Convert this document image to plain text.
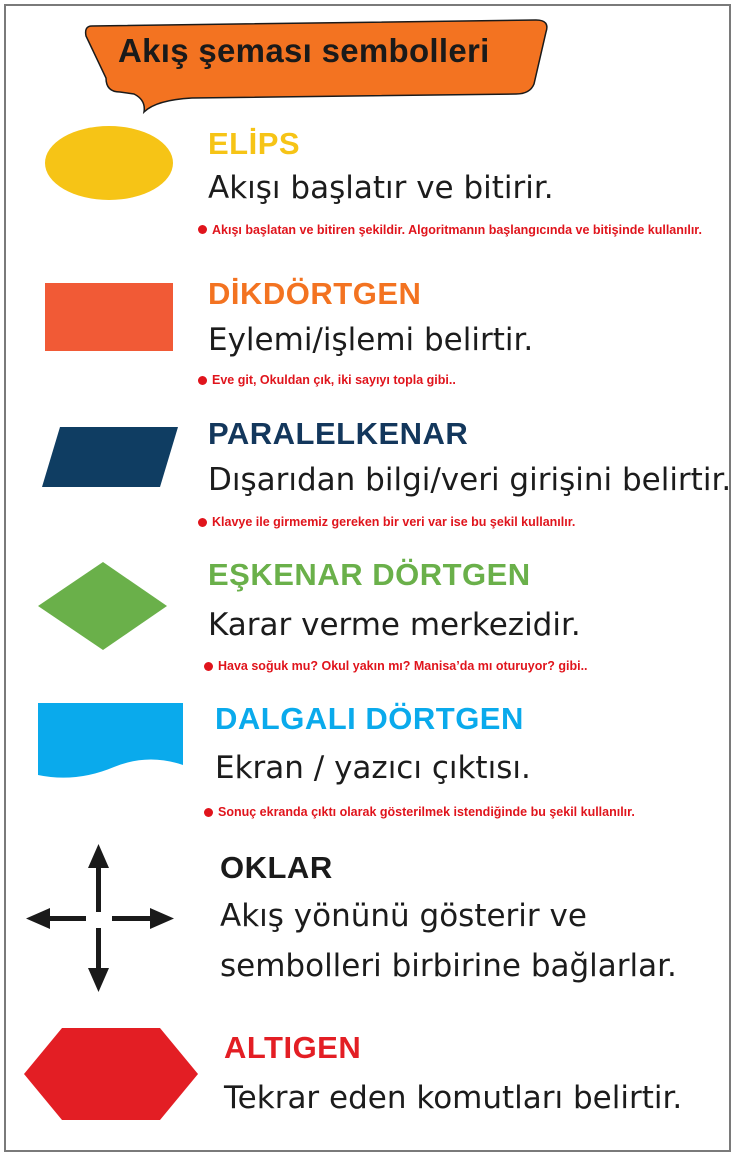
Akış şeması sembolleri
ELİPS
Akışı başlatır ve bitirir.
Akışı başlatan ve bitiren şekildir. Algoritmanın başlangıcında ve bitişinde kullanılır.
DİKDÖRTGEN
Eylemi/işlemi belirtir.
Eve git, Okuldan çık, iki sayıyı topla gibi..
PARALELKENAR
Dışarıdan bilgi/veri girişini belirtir.
Klavye ile girmemiz gereken bir veri var ise bu şekil kullanılır.
EŞKENAR DÖRTGEN
Karar verme merkezidir.
Hava soğuk mu? Okul yakın mı? Manisa’da mı oturuyor? gibi..
DALGALI DÖRTGEN
Ekran / yazıcı çıktısı.
Sonuç ekranda çıktı olarak gösterilmek istendiğinde bu şekil kullanılır.
OKLAR
Akış yönünü gösterir ve
sembolleri birbirine bağlarlar.
ALTIGEN
Tekrar eden komutları belirtir.
